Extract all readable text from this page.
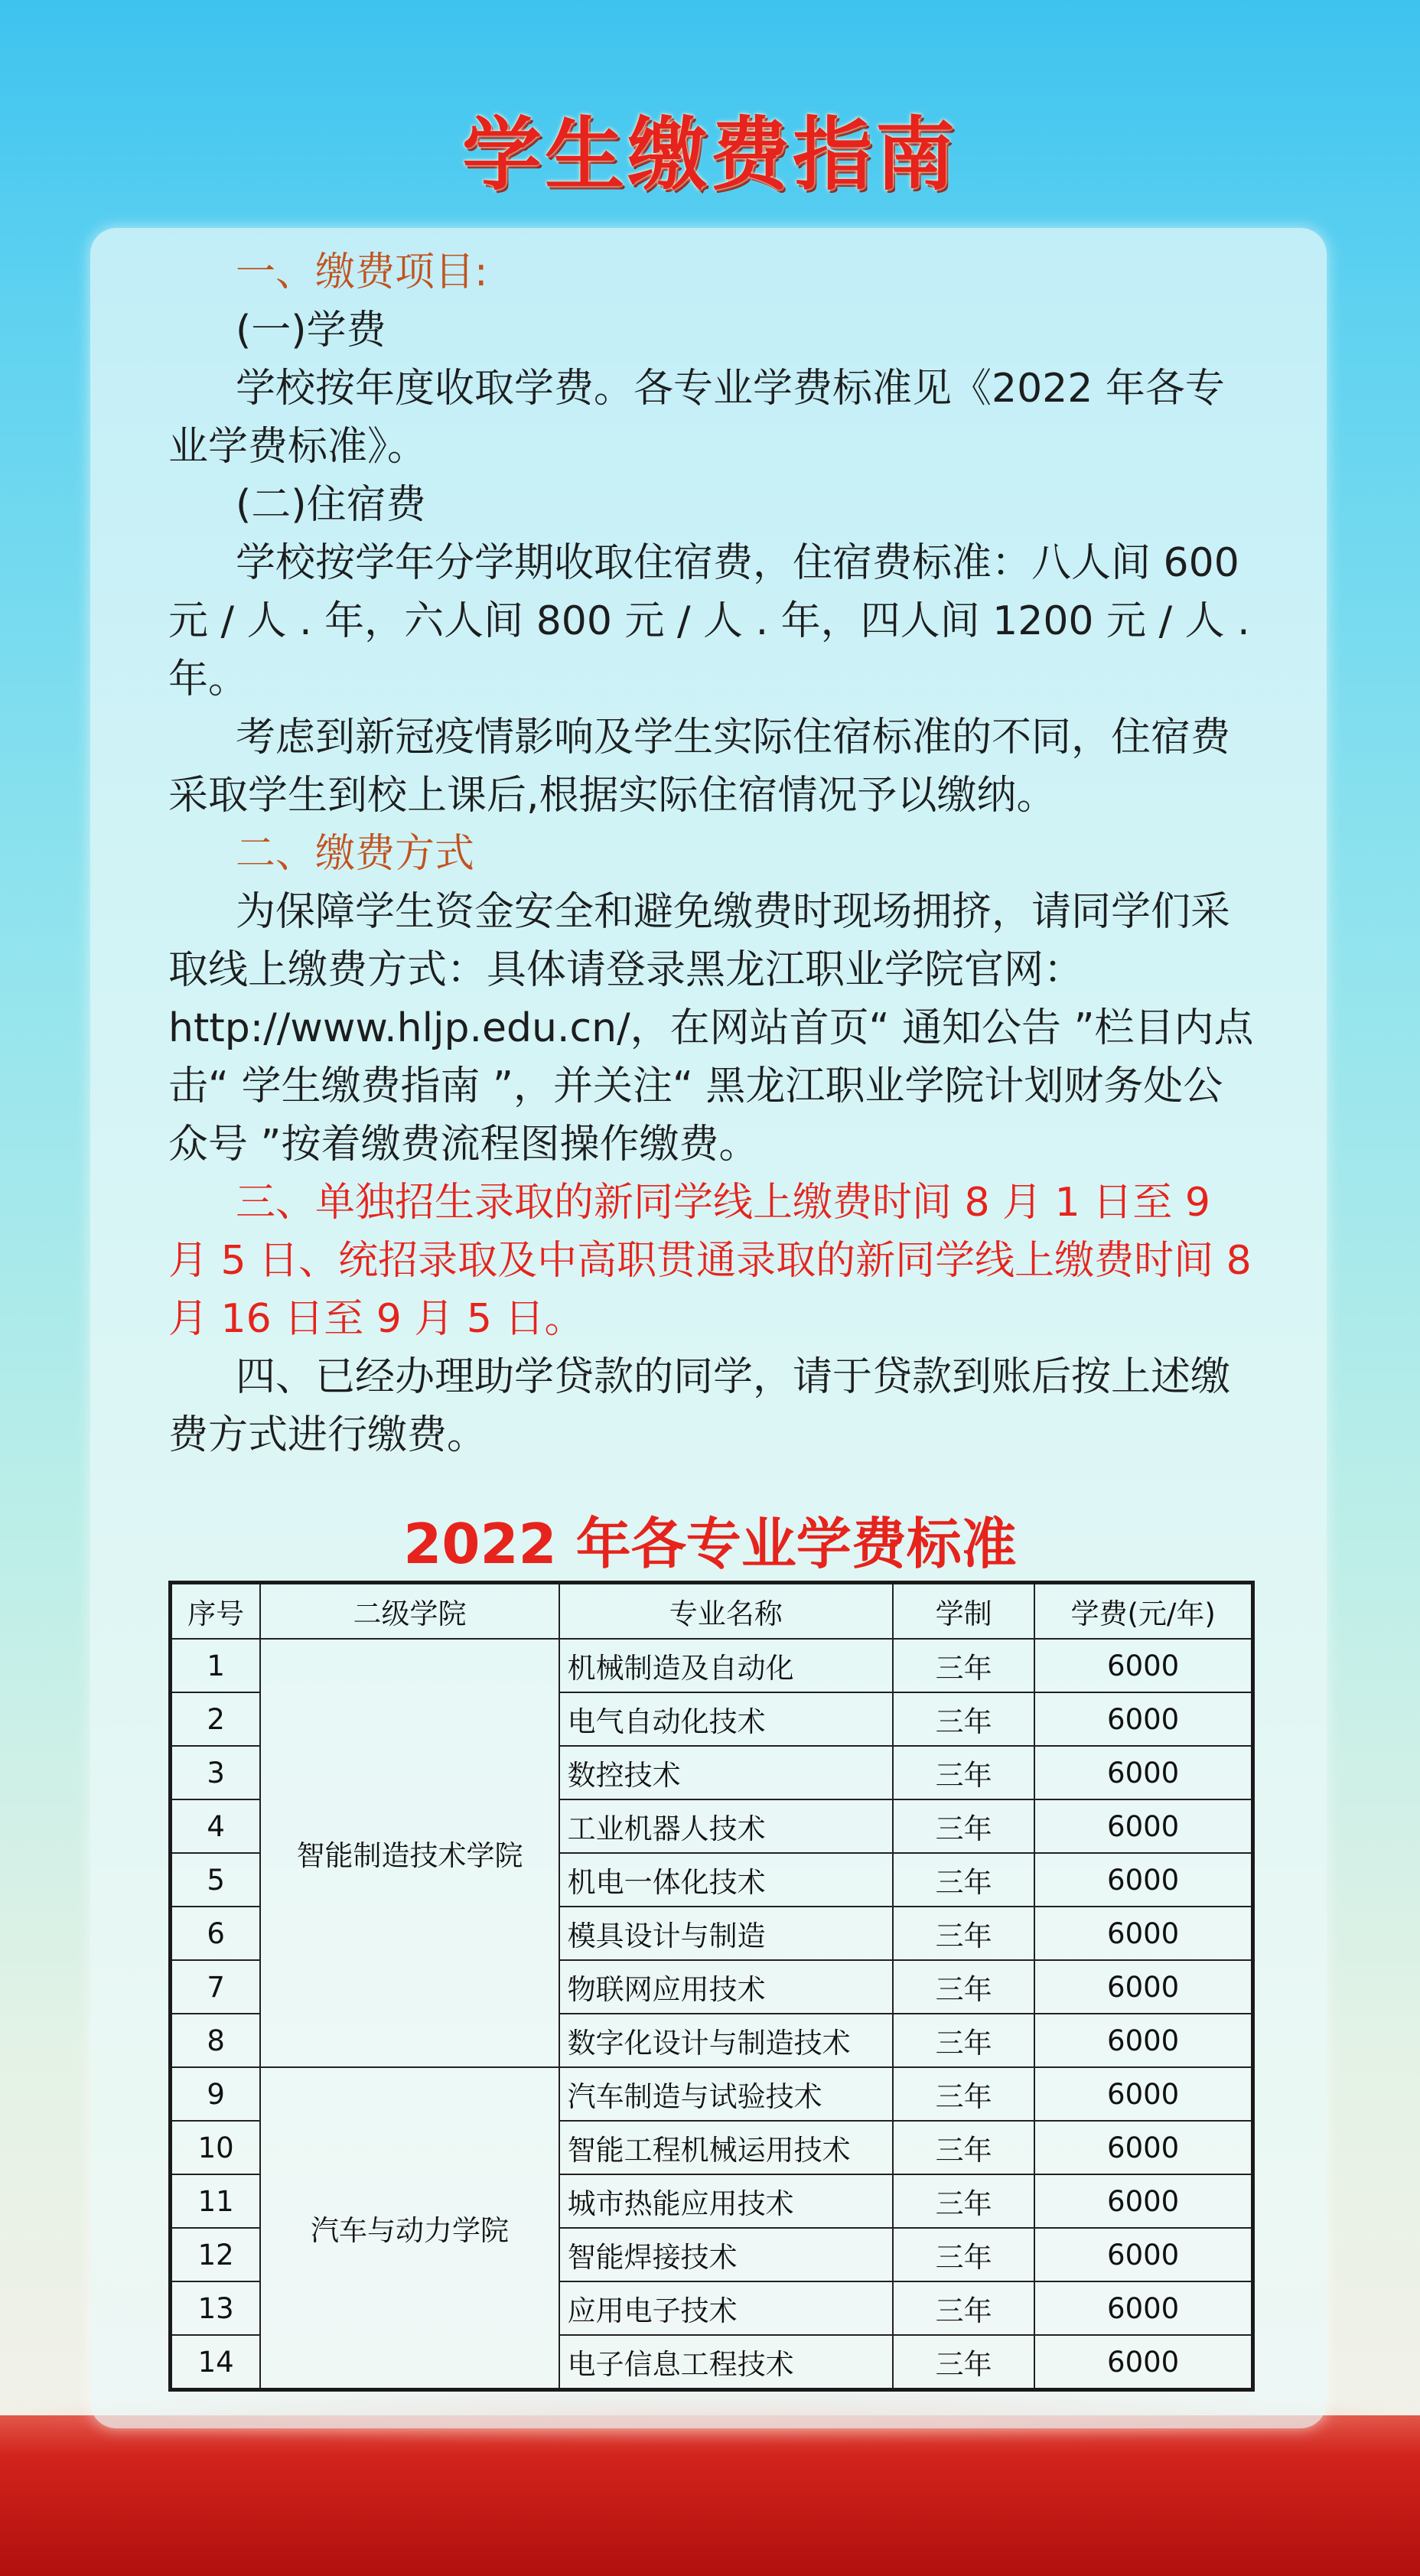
学生缴费指南

一、缴费项目:

(一)学费

学校按年度收取学费。各专业学费标准见《2022 年各专业学费标准》。

(二)住宿费

学校按学年分学期收取住宿费，住宿费标准：八人间 600 元 / 人 . 年，六人间 800 元 / 人 . 年，四人间 1200 元 / 人 . 年。

考虑到新冠疫情影响及学生实际住宿标准的不同，住宿费采取学生到校上课后,根据实际住宿情况予以缴纳。

二、缴费方式

为保障学生资金安全和避免缴费时现场拥挤，请同学们采取线上缴费方式：具体请登录黑龙江职业学院官网：http://www.hljp.edu.cn/，在网站首页“ 通知公告 ”栏目内点击“ 学生缴费指南 ”，并关注“ 黑龙江职业学院计划财务处公众号 ”按着缴费流程图操作缴费。

三、单独招生录取的新同学线上缴费时间 8 月 1 日至 9 月 5 日、统招录取及中高职贯通录取的新同学线上缴费时间 8 月 16 日至 9 月 5 日。

四、已经办理助学贷款的同学，请于贷款到账后按上述缴费方式进行缴费。

2022 年各专业学费标准
序号	二级学院	专业名称	学制	学费(元/年)
1	智能制造技术学院	机械制造及自动化	三年	6000
2		电气自动化技术	三年	6000
3		数控技术	三年	6000
4		工业机器人技术	三年	6000
5		机电一体化技术	三年	6000
6		模具设计与制造	三年	6000
7		物联网应用技术	三年	6000
8		数字化设计与制造技术	三年	6000
9	汽车与动力学院	汽车制造与试验技术	三年	6000
10		智能工程机械运用技术	三年	6000
11		城市热能应用技术	三年	6000
12		智能焊接技术	三年	6000
13		应用电子技术	三年	6000
14		电子信息工程技术	三年	6000
